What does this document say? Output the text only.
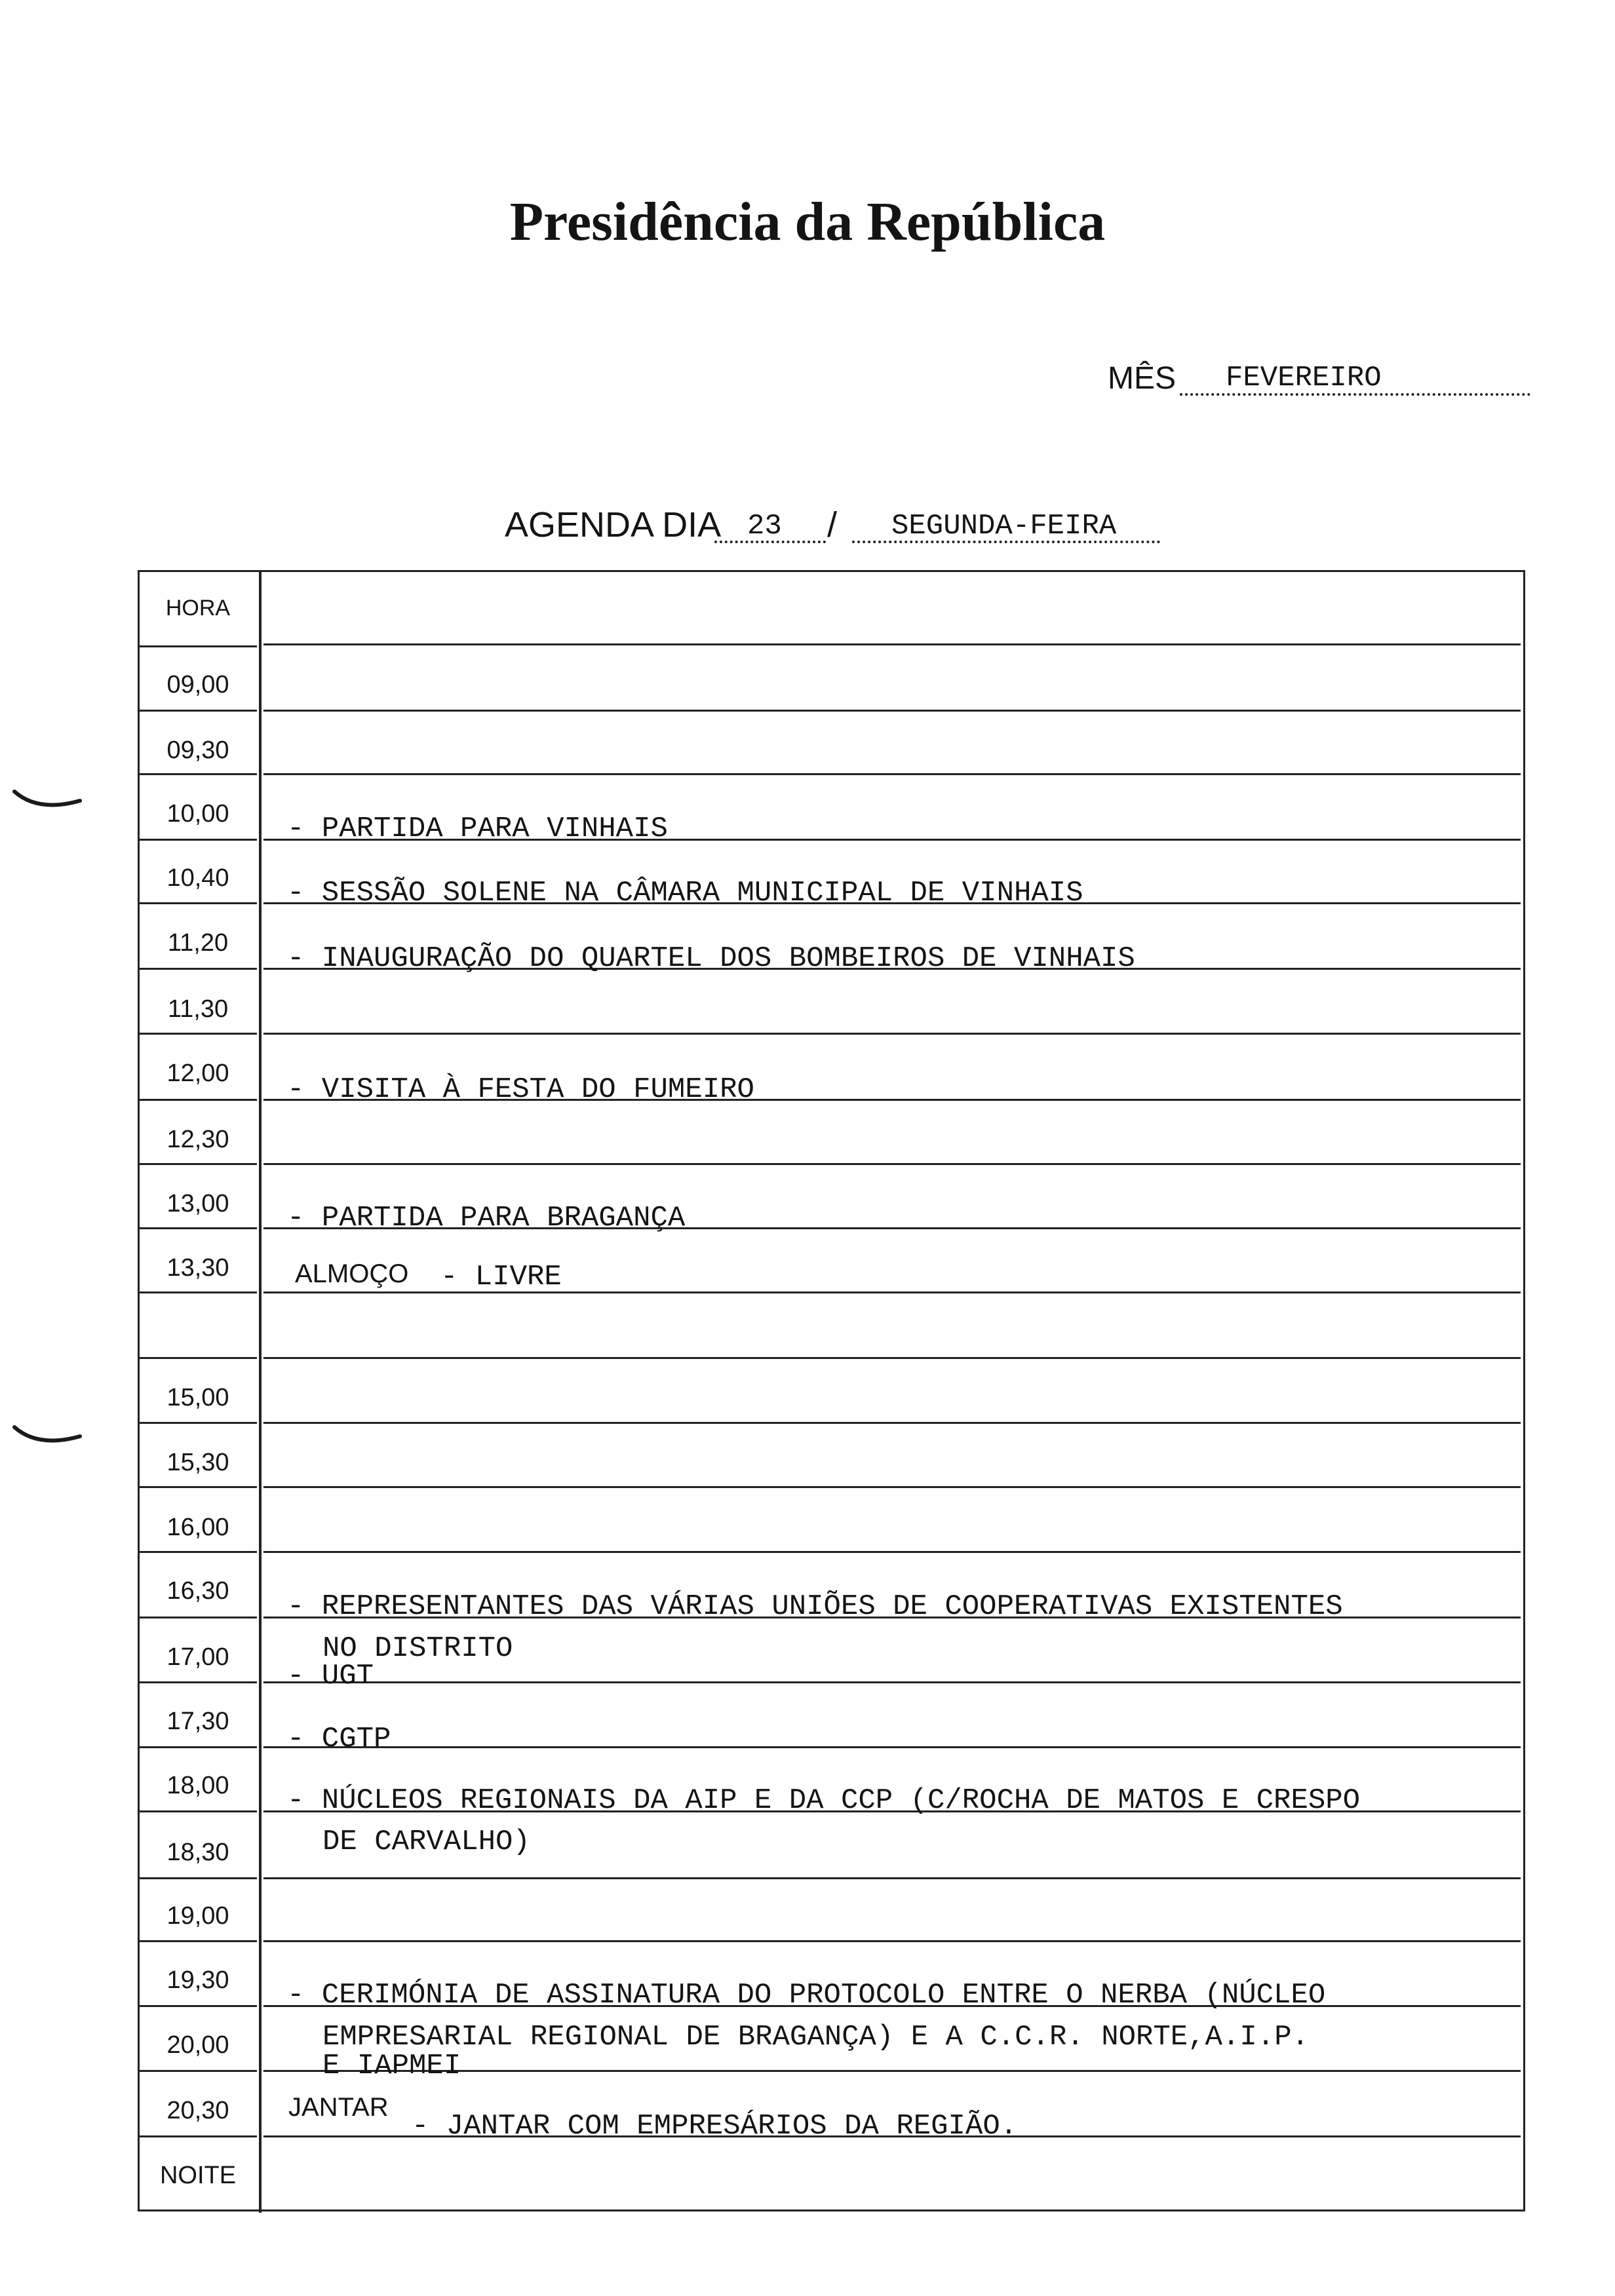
Presidência da República
MÊS FEVEREIRO
AGENDA DIA 23 / SEGUNDA-FEIRA
HORA
09,00
09,30
10,00
10,40
11,20
11,30
12,00
12,30
13,00
13,30
15,00
15,30
16,00
16,30
17,00
17,30
18,00
18,30
19,00
19,30
20,00
20,30
NOITE
- PARTIDA PARA VINHAIS
- SESSÃO SOLENE NA CÂMARA MUNICIPAL DE VINHAIS
- INAUGURAÇÃO DO QUARTEL DOS BOMBEIROS DE VINHAIS
- VISITA À FESTA DO FUMEIRO
- PARTIDA PARA BRAGANÇA
ALMOÇO - LIVRE
- REPRESENTANTES DAS VÁRIAS UNIÕES DE COOPERATIVAS EXISTENTES
NO DISTRITO
- UGT
- CGTP
- NÚCLEOS REGIONAIS DA AIP E DA CCP (C/ROCHA DE MATOS E CRESPO
DE CARVALHO)
- CERIMÓNIA DE ASSINATURA DO PROTOCOLO ENTRE O NERBA (NÚCLEO
EMPRESARIAL REGIONAL DE BRAGANÇA) E A C.C.R. NORTE,A.I.P.
E IAPMEI
JANTAR
- JANTAR COM EMPRESÁRIOS DA REGIÃO.
